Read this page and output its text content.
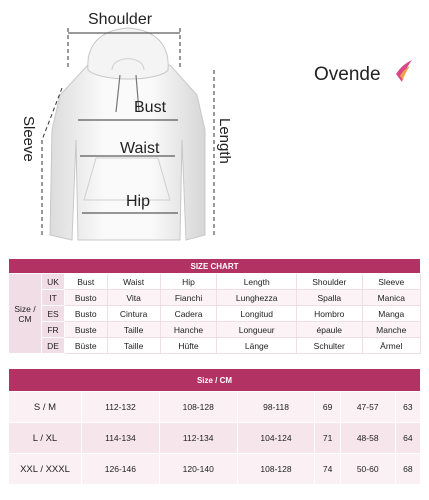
Shoulder
Bust
Waist
Hip
Sleeve	Length
Ovende
SIZE CHART							
Size / CM	UK	Bust	Waist	Hip	Length	Shoulder	Sleeve
	IT	Busto	Vita	Fianchi	Lunghezza	Spalla	Manica
	ES	Busto	Cintura	Cadera	Longitud	Hombro	Manga
	FR	Buste	Taille	Hanche	Longueur	épaule	Manche
	DE	Büste	Taille	Hüfte	Länge	Schulter	Ärmel
Size / CM						
S / M	112-132	108-128	98-118	69	47-57	63
L / XL	114-134	112-134	104-124	71	48-58	64
XXL / XXXL	126-146	120-140	108-128	74	50-60	68
